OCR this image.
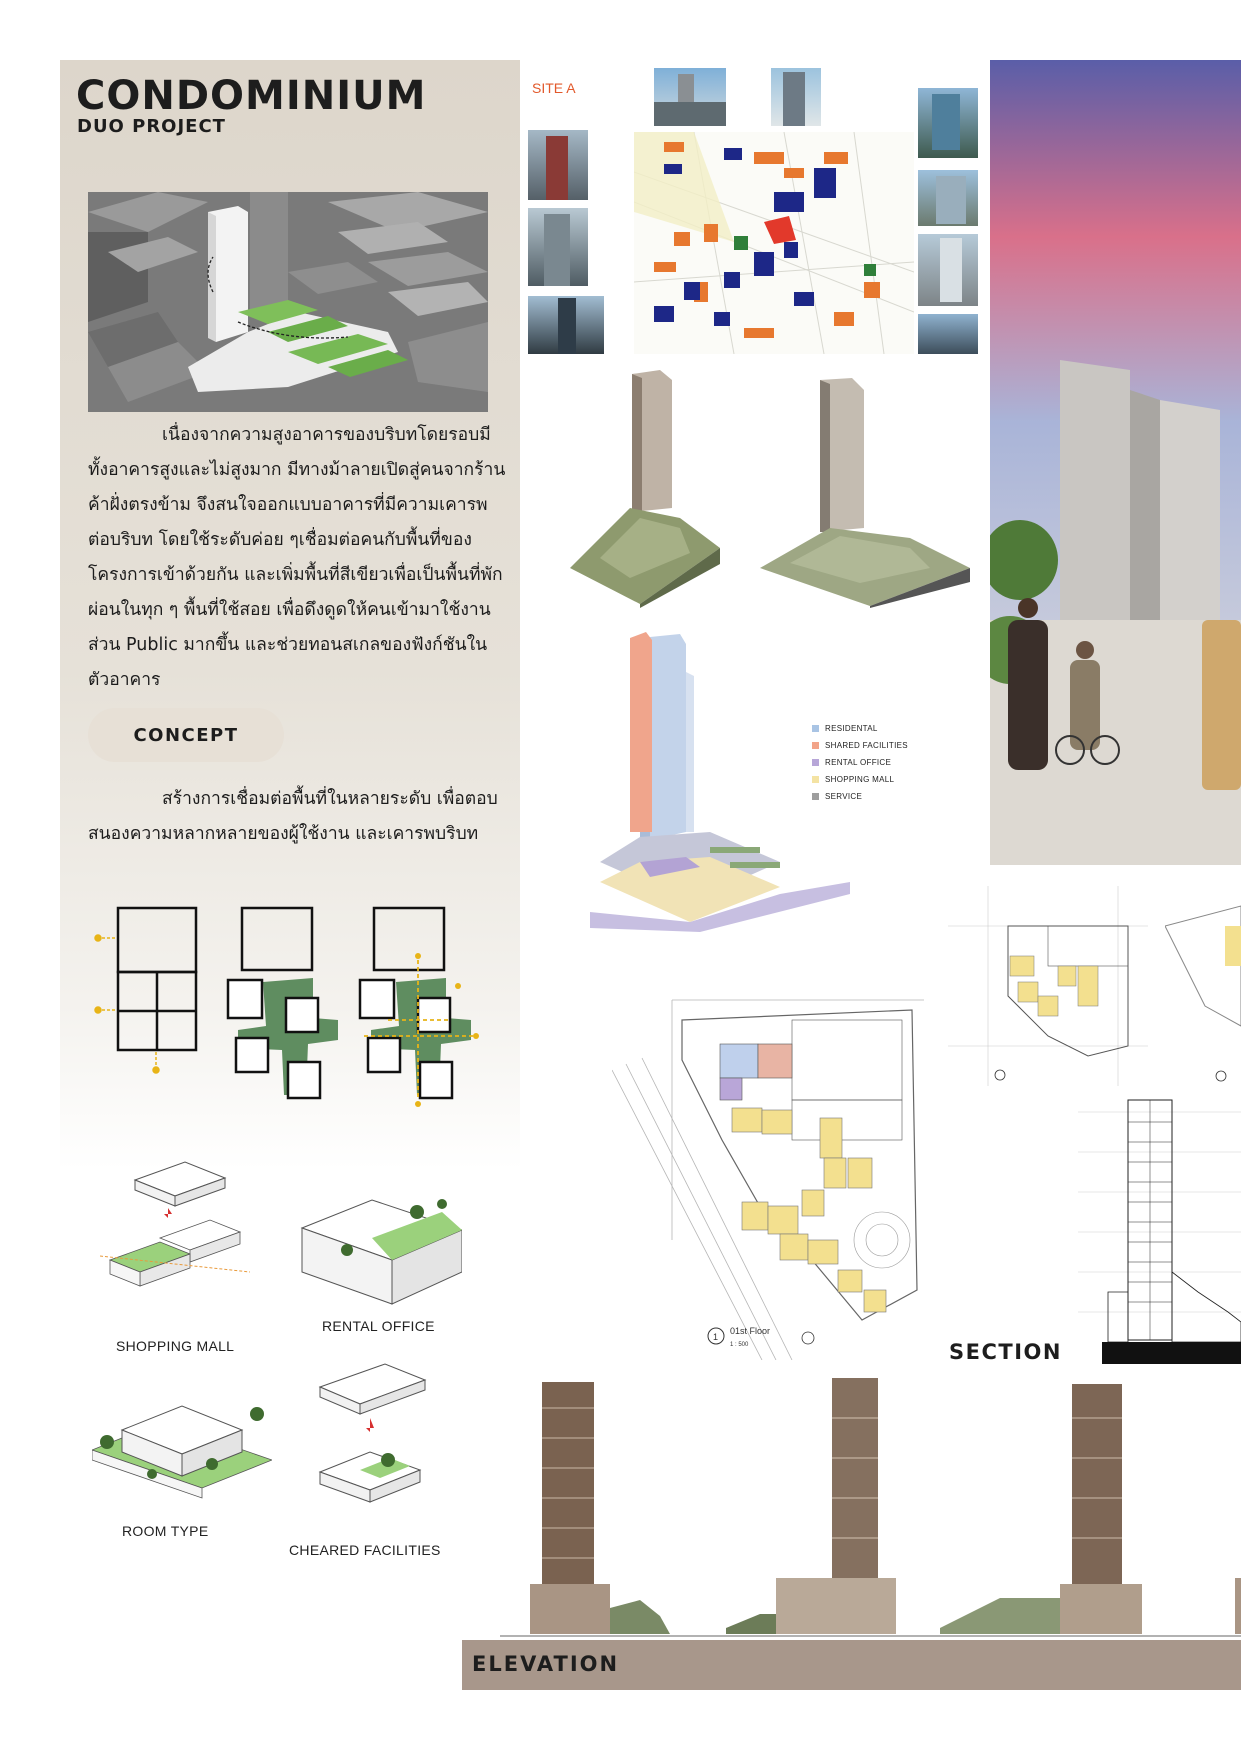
CONDOMINIUM
DUO PROJECT
เนื่องจากความสูงอาคารของบริบทโดยรอบมีทั้งอาคารสูงและไม่สูงมาก มีทางม้าลายเปิดสู่คนจากร้านค้าฝั่งตรงข้าม จึงสนใจออกแบบอาคารที่มีความเคารพต่อบริบท โดยใช้ระดับค่อย ๆเชื่อมต่อคนกับพื้นที่ของโครงการเข้าด้วยกัน และเพิ่มพื้นที่สีเขียวเพื่อเป็นพื้นที่พักผ่อนในทุก ๆ พื้นที่ใช้สอย เพื่อดึงดูดให้คนเข้ามาใช้งานส่วน Public มากขึ้น และช่วยทอนสเกลของฟังก์ชันในตัวอาคาร
CONCEPT
สร้างการเชื่อมต่อพื้นที่ในหลายระดับ เพื่อตอบสนองความหลากหลายของผู้ใช้งาน และเคารพบริบท
SHOPPING MALL
RENTAL OFFICE
ROOM TYPE
CHEARED FACILITIES
SITE A
RESIDENTAL
SHARED FACILITIES
RENTAL OFFICE
SHOPPING MALL
SERVICE
1
01st Floor
1 : 500	SECTION
ELEVATION
